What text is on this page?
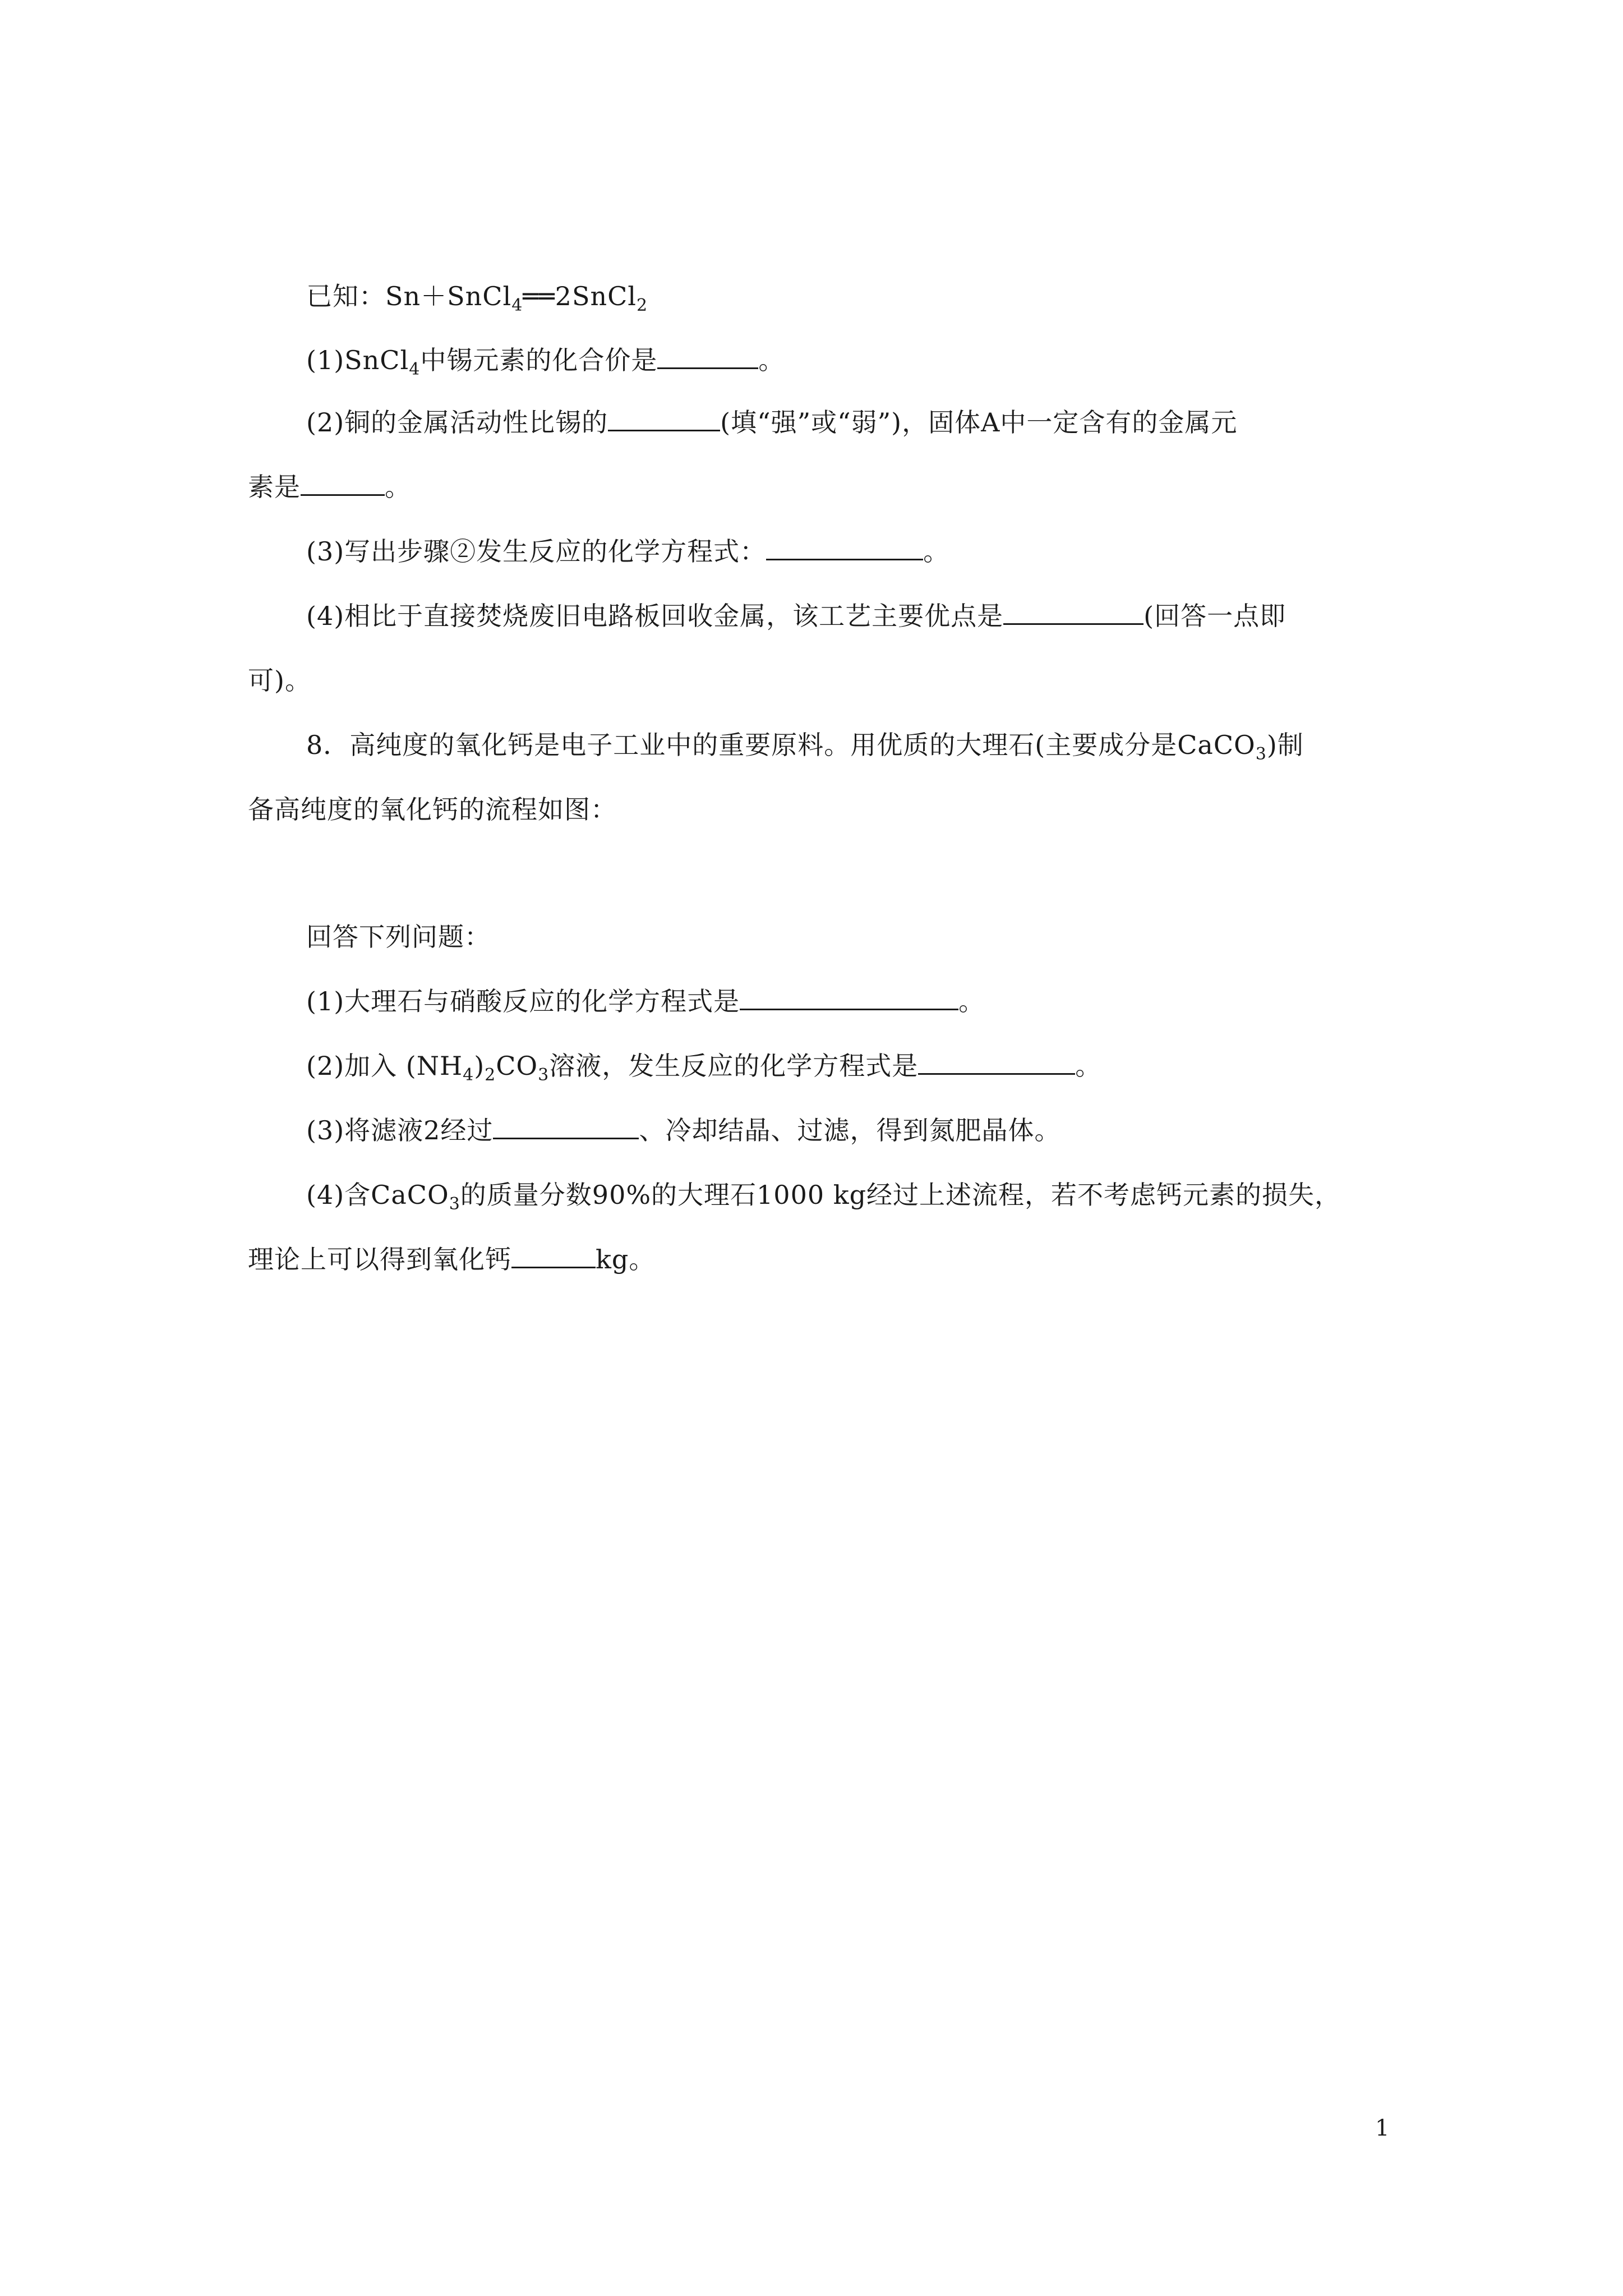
已知：Sn＋SnCl$_4$══2SnCl$_2$
(1)SnCl$_4$中锡元素的化合价是	。
(2)铜的金属活动性比锡的	(填“强”或“弱”)，固体A中一定含有的金属元
素是	。
(3)写出步骤②发生反应的化学方程式：	。
(4)相比于直接焚烧废旧电路板回收金属，该工艺主要优点是	(回答一点即
可)。
8．高纯度的氧化钙是电子工业中的重要原料。用优质的大理石(主要成分是CaCO$_3$)制
备高纯度的氧化钙的流程如图：
回答下列问题：
(1)大理石与硝酸反应的化学方程式是	。
(2)加入 $(NH_4)_2CO_3$溶液，发生反应的化学方程式是	。
(3)将滤液2经过	、冷却结晶、过滤，得到氮肥晶体。
(4)含CaCO$_3$的质量分数90%的大理石1000 kg经过上述流程，若不考虑钙元素的损失，
理论上可以得到氧化钙	kg。
1
